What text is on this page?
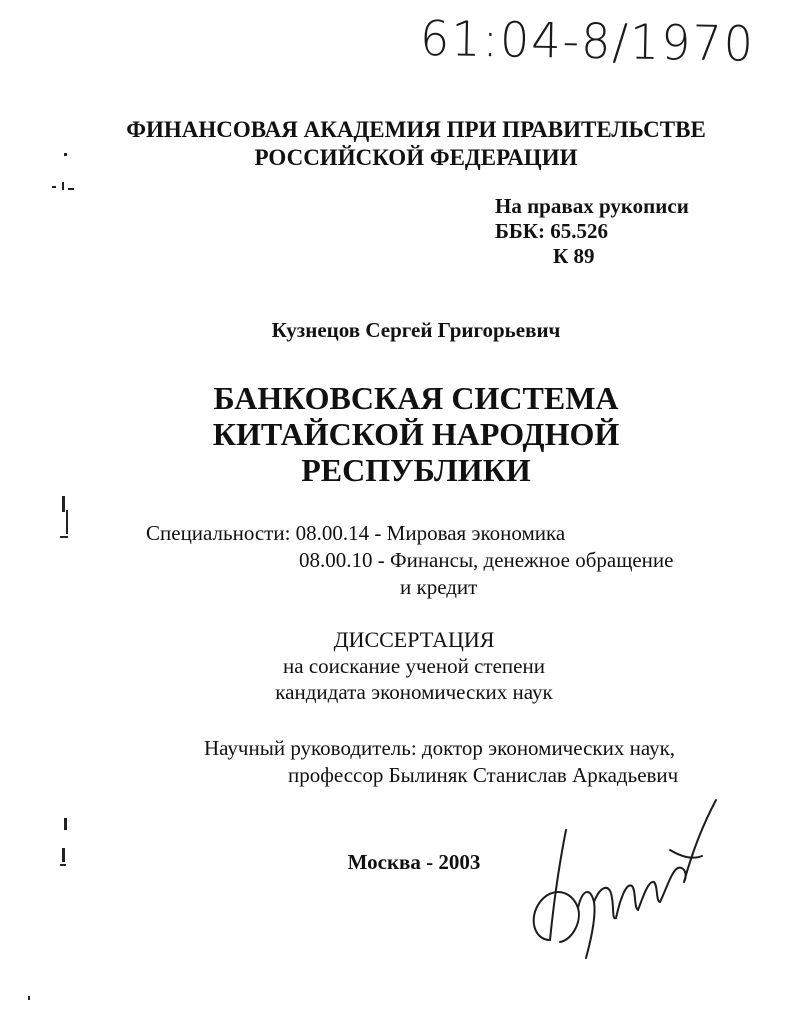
61:04-8/1970
ФИНАНСОВАЯ АКАДЕМИЯ ПРИ ПРАВИТЕЛЬСТВЕ
РОССИЙСКОЙ ФЕДЕРАЦИИ
На правах рукописи
ББК: 65.526
К 89
Кузнецов Сергей Григорьевич
БАНКОВСКАЯ СИСТЕМА
КИТАЙСКОЙ НАРОДНОЙ
РЕСПУБЛИКИ
Специальности: 08.00.14 - Мировая экономика
08.00.10 - Финансы, денежное обращение
и кредит
ДИССЕРТАЦИЯ
на соискание ученой степени
кандидата экономических наук
Научный руководитель: доктор экономических наук,
профессор Былиняк Станислав Аркадьевич
Москва - 2003
